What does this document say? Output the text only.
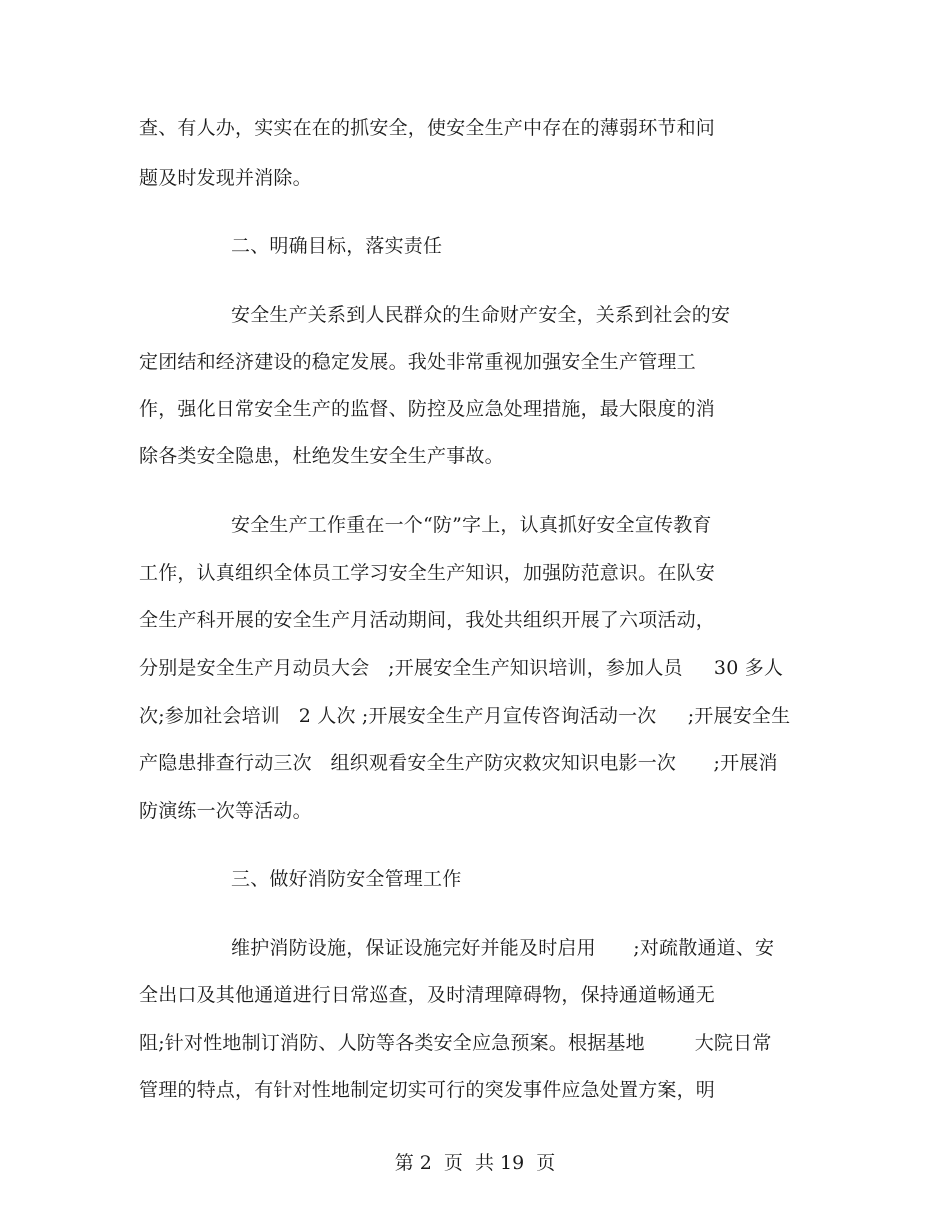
查、有人办，实实在在的抓安全，使安全生产中存在的薄弱环节和问
题及时发现并消除。
二、明确目标，落实责任
安全生产关系到人民群众的生命财产安全，关系到社会的安
定团结和经济建设的稳定发展。我处非常重视加强安全生产管理工
作，强化日常安全生产的监督、防控及应急处理措施，最大限度的消
除各类安全隐患，杜绝发生安全生产事故。
安全生产工作重在一个“防”字上，认真抓好安全宣传教育
工作，认真组织全体员工学习安全生产知识，加强防范意识。在队安
全生产科开展的安全生产月活动期间，我处共组织开展了六项活动，
分别是安全生产月动员大会   ;开展安全生产知识培训，参加人员     30 多人
次;参加社会培训   2 人次 ;开展安全生产月宣传咨询活动一次     ;开展安全生
产隐患排查行动三次   组织观看安全生产防灾救灾知识电影一次      ;开展消
防演练一次等活动。
三、做好消防安全管理工作
维护消防设施，保证设施完好并能及时启用      ;对疏散通道、安
全出口及其他通道进行日常巡查，及时清理障碍物，保持通道畅通无
阻;针对性地制订消防、人防等各类安全应急预案。根据基地        大院日常
管理的特点，有针对性地制定切实可行的突发事件应急处置方案，明
第 2  页  共 19  页
